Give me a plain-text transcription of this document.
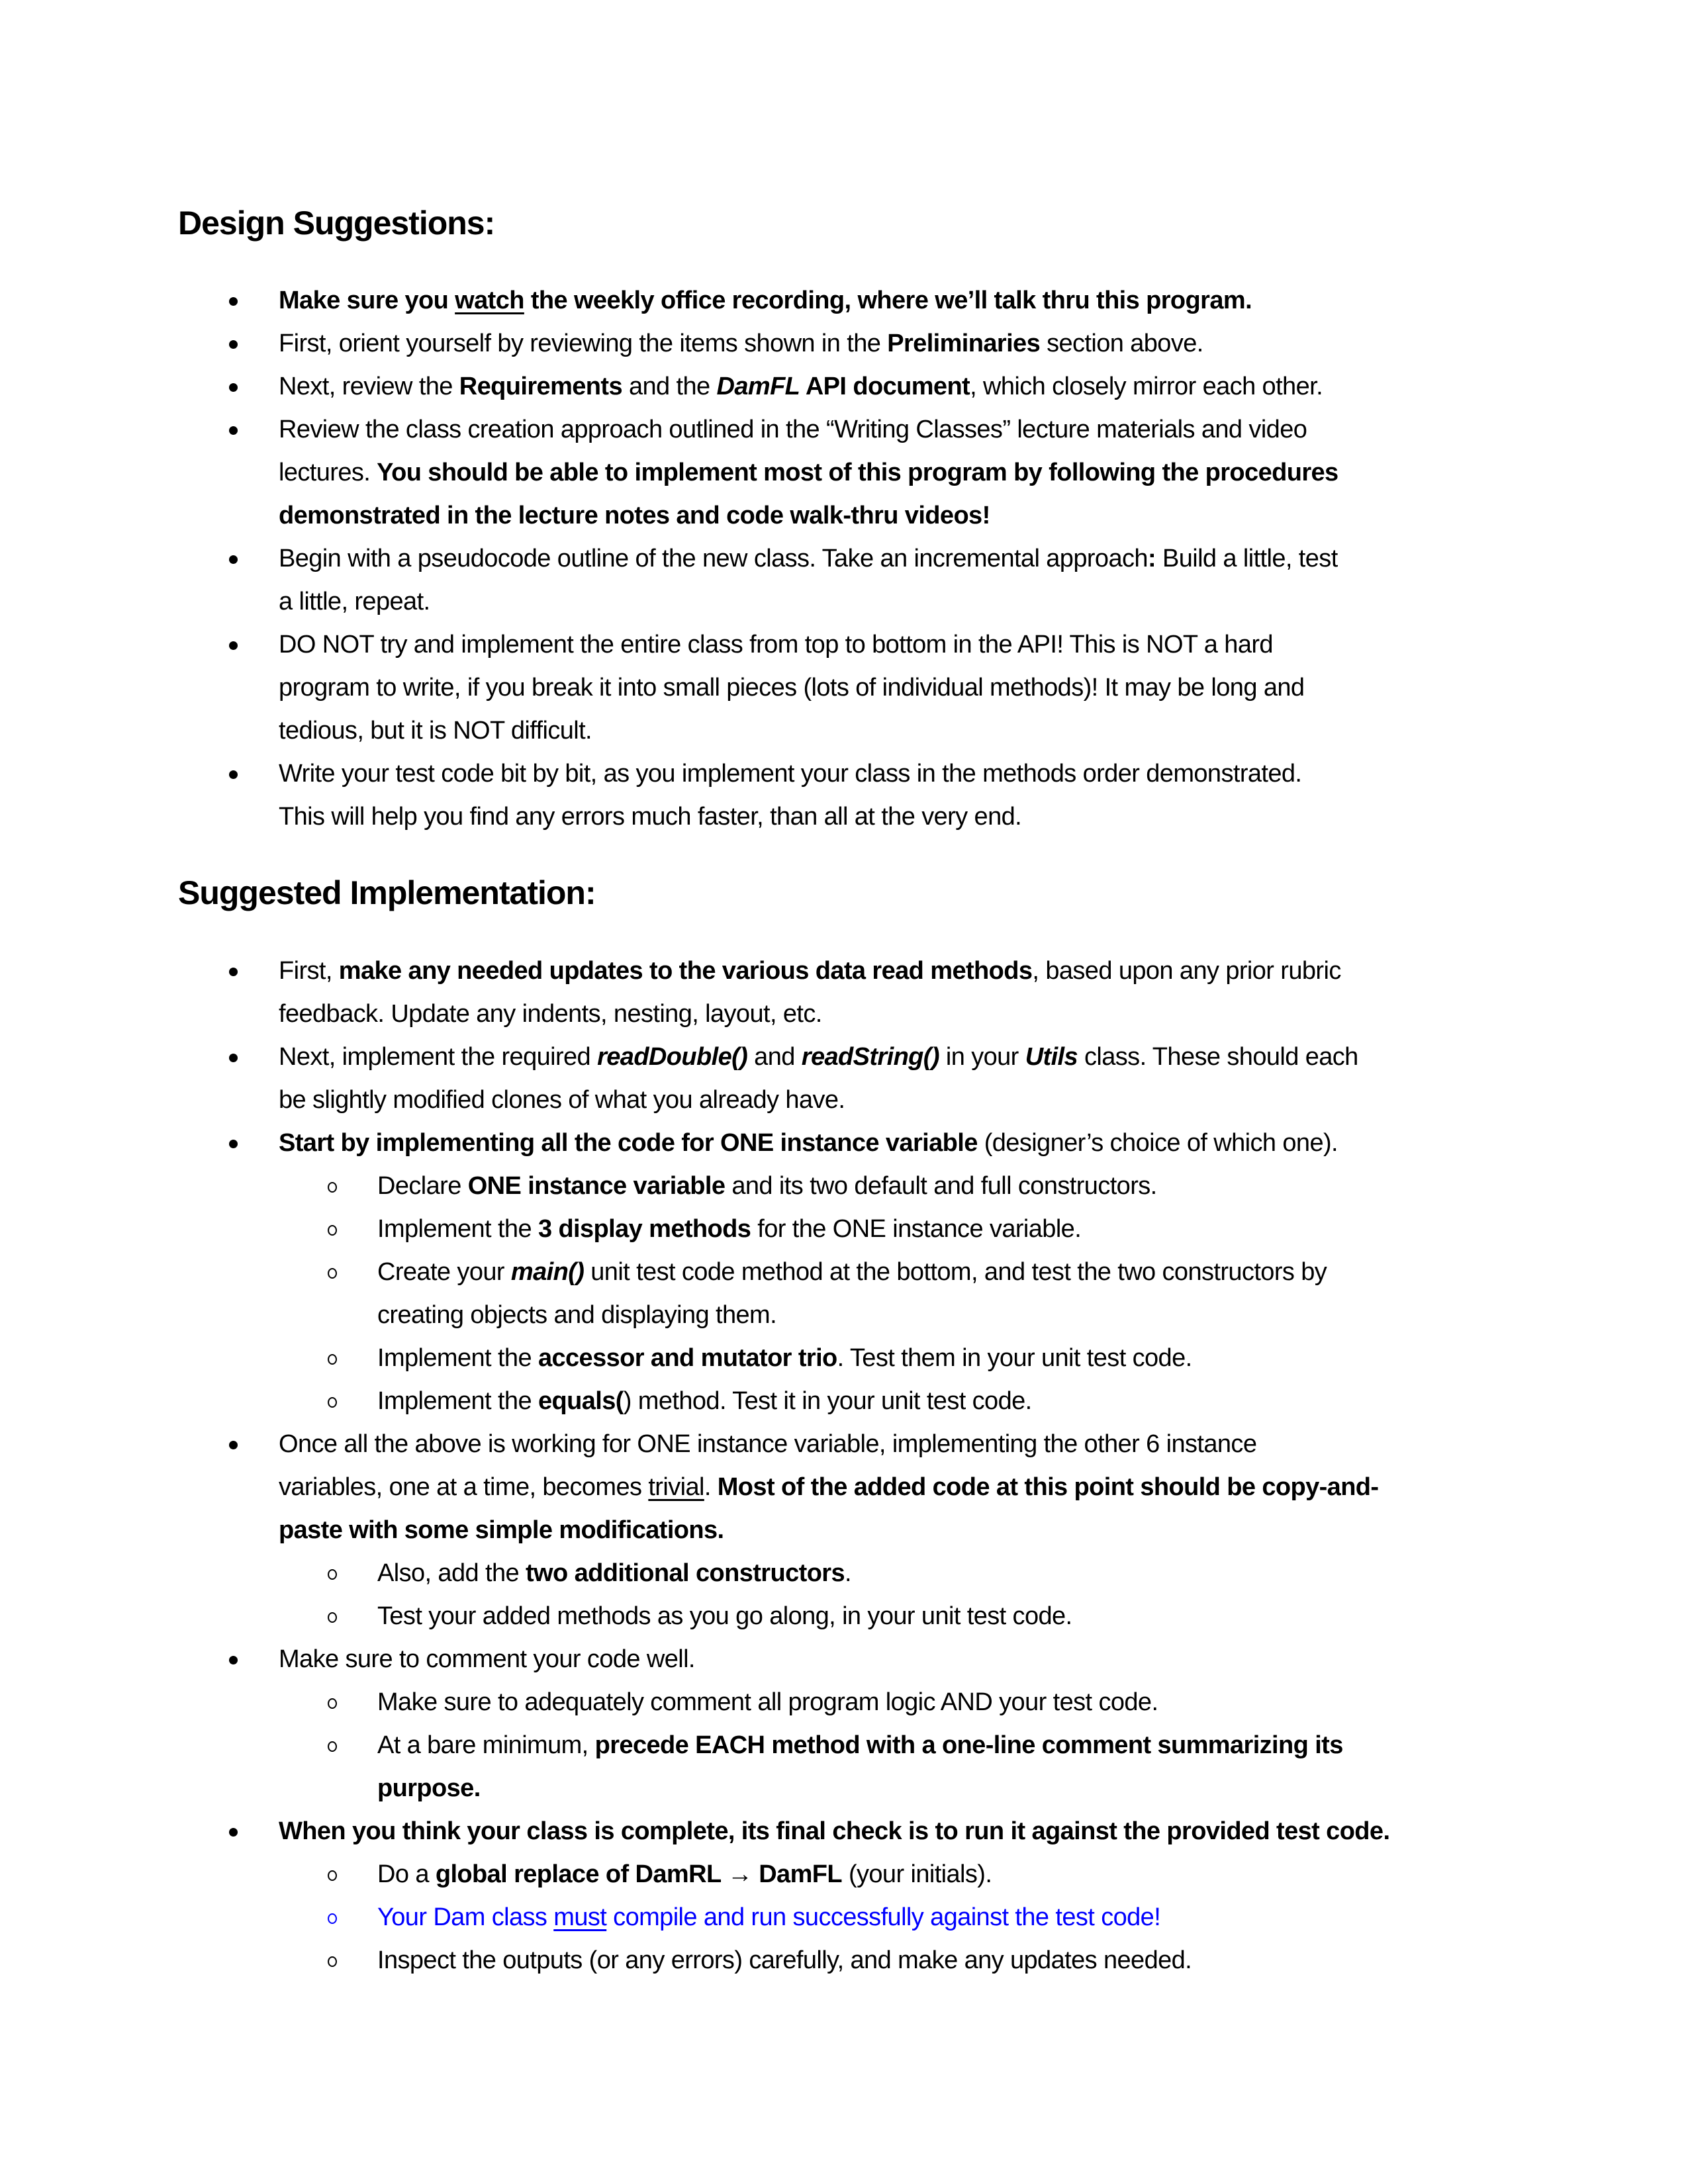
Design Suggestions:
Make sure you watch the weekly office recording, where we’ll talk thru this program.
First, orient yourself by reviewing the items shown in the Preliminaries section above.
Next, review the Requirements and the DamFL API document, which closely mirror each other.
Review the class creation approach outlined in the “Writing Classes” lecture materials and video
lectures. You should be able to implement most of this program by following the procedures
demonstrated in the lecture notes and code walk-thru videos!
Begin with a pseudocode outline of the new class. Take an incremental approach: Build a little, test
a little, repeat.
DO NOT try and implement the entire class from top to bottom in the API! This is NOT a hard
program to write, if you break it into small pieces (lots of individual methods)! It may be long and
tedious, but it is NOT difficult.
Write your test code bit by bit, as you implement your class in the methods order demonstrated.
This will help you find any errors much faster, than all at the very end.
Suggested Implementation:
First, make any needed updates to the various data read methods, based upon any prior rubric
feedback. Update any indents, nesting, layout, etc.
Next, implement the required readDouble() and readString() in your Utils class. These should each
be slightly modified clones of what you already have.
Start by implementing all the code for ONE instance variable (designer’s choice of which one).
Declare ONE instance variable and its two default and full constructors.
Implement the 3 display methods for the ONE instance variable.
Create your main() unit test code method at the bottom, and test the two constructors by
creating objects and displaying them.
Implement the accessor and mutator trio. Test them in your unit test code.
Implement the equals() method. Test it in your unit test code.
Once all the above is working for ONE instance variable, implementing the other 6 instance
variables, one at a time, becomes trivial. Most of the added code at this point should be copy-and-
paste with some simple modifications.
Also, add the two additional constructors.
Test your added methods as you go along, in your unit test code.
Make sure to comment your code well.
Make sure to adequately comment all program logic AND your test code.
At a bare minimum, precede EACH method with a one-line comment summarizing its
purpose.
When you think your class is complete, its final check is to run it against the provided test code.
Do a global replace of DamRL → DamFL (your initials).
Your Dam class must compile and run successfully against the test code!
Inspect the outputs (or any errors) carefully, and make any updates needed.
